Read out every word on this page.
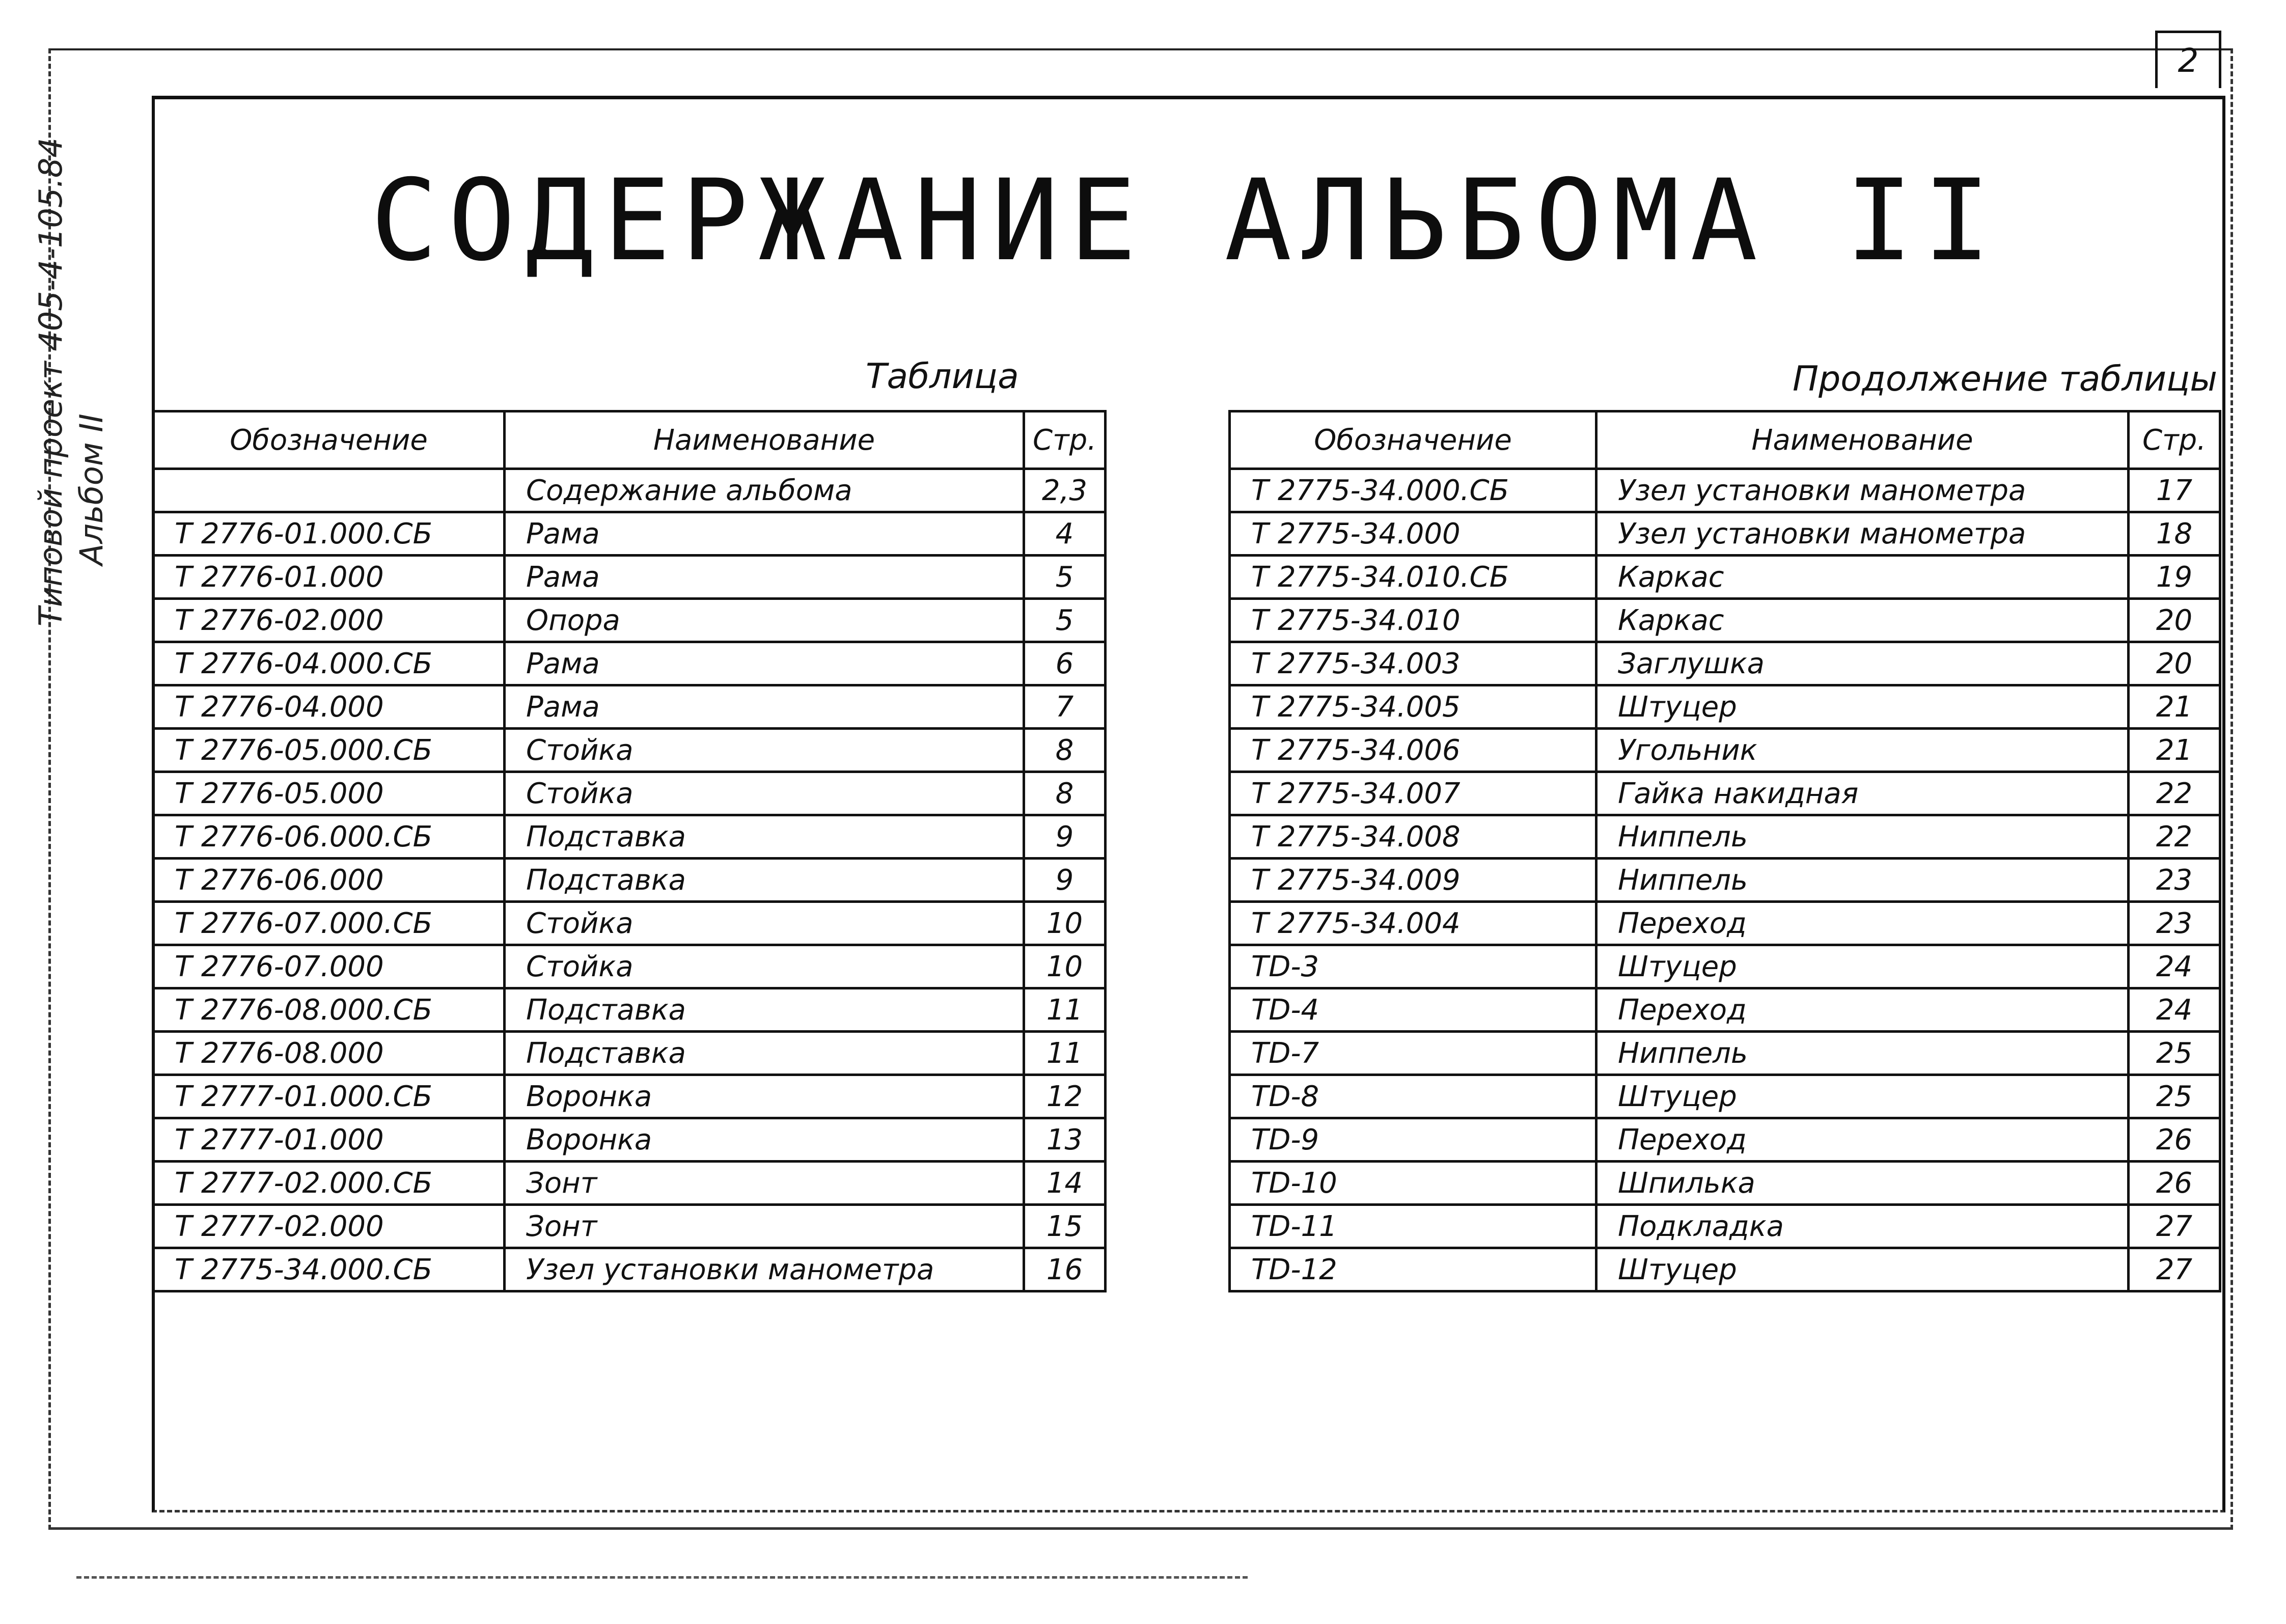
2
Типовой проект 405-4-105.84 Альбом II
СОДЕРЖАНИЕ АЛЬБОМА II
Таблица	Продолжение таблицы
Обозначение	Наименование	Стр.
	Содержание альбома	2,3
Т 2776-01.000.СБ	Рама	4
Т 2776-01.000	Рама	5
Т 2776-02.000	Опора	5
Т 2776-04.000.СБ	Рама	6
Т 2776-04.000	Рама	7
Т 2776-05.000.СБ	Стойка	8
Т 2776-05.000	Стойка	8
Т 2776-06.000.СБ	Подставка	9
Т 2776-06.000	Подставка	9
Т 2776-07.000.СБ	Стойка	10
Т 2776-07.000	Стойка	10
Т 2776-08.000.СБ	Подставка	11
Т 2776-08.000	Подставка	11
Т 2777-01.000.СБ	Воронка	12
Т 2777-01.000	Воронка	13
Т 2777-02.000.СБ	Зонт	14
Т 2777-02.000	Зонт	15
Т 2775-34.000.СБ	Узел установки манометра	16
Обозначение	Наименование	Стр.
Т 2775-34.000.СБ	Узел установки манометра	17
Т 2775-34.000	Узел установки манометра	18
Т 2775-34.010.СБ	Каркас	19
Т 2775-34.010	Каркас	20
Т 2775-34.003	Заглушка	20
Т 2775-34.005	Штуцер	21
Т 2775-34.006	Угольник	21
Т 2775-34.007	Гайка накидная	22
Т 2775-34.008	Ниппель	22
Т 2775-34.009	Ниппель	23
Т 2775-34.004	Переход	23
TD-3	Штуцер	24
TD-4	Переход	24
TD-7	Ниппель	25
TD-8	Штуцер	25
TD-9	Переход	26
TD-10	Шпилька	26
TD-11	Подкладка	27
TD-12	Штуцер	27
